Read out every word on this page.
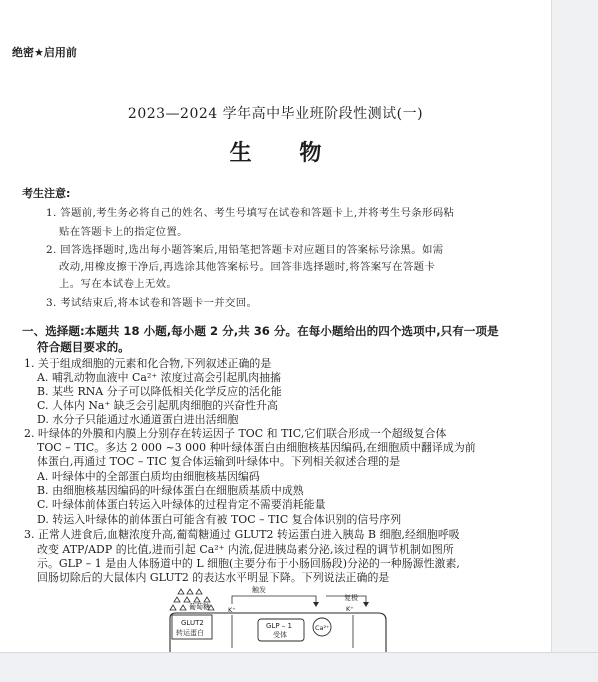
绝密★启用前
2023—2024 学年高中毕业班阶段性测试(一)
生 物
考生注意:
1. 答题前,考生务必将自己的姓名、考生号填写在试卷和答题卡上,并将考生号条形码粘
贴在答题卡上的指定位置。
2. 回答选择题时,选出每小题答案后,用铅笔把答题卡对应题目的答案标号涂黑。如需
改动,用橡皮擦干净后,再选涂其他答案标号。回答非选择题时,将答案写在答题卡
上。写在本试卷上无效。
3. 考试结束后,将本试卷和答题卡一并交回。
一、选择题:本题共 18 小题,每小题 2 分,共 36 分。在每小题给出的四个选项中,只有一项是
符合题目要求的。
1. 关于组成细胞的元素和化合物,下列叙述正确的是
A. 哺乳动物血液中 Ca²⁺ 浓度过高会引起肌肉抽搐
B. 某些 RNA 分子可以降低相关化学反应的活化能
C. 人体内 Na⁺ 缺乏会引起肌肉细胞的兴奋性升高
D. 水分子只能通过水通道蛋白进出活细胞
2. 叶绿体的外膜和内膜上分别存在转运因子 TOC 和 TIC,它们联合形成一个超级复合体
TOC – TIC。多达 2 000 ~3 000 种叶绿体蛋白由细胞核基因编码,在细胞质中翻译成为前
体蛋白,再通过 TOC – TIC 复合体运输到叶绿体中。下列相关叙述合理的是
A. 叶绿体中的全部蛋白质均由细胞核基因编码
B. 由细胞核基因编码的叶绿体蛋白在细胞质基质中成熟
C. 叶绿体前体蛋白转运入叶绿体的过程肯定不需要消耗能量
D. 转运入叶绿体的前体蛋白可能含有被 TOC – TIC 复合体识别的信号序列
3. 正常人进食后,血糖浓度升高,葡萄糖通过 GLUT2 转运蛋白进入胰岛 B 细胞,经细胞呼吸
改变 ATP/ADP 的比值,进而引起 Ca²⁺ 内流,促进胰岛素分泌,该过程的调节机制如图所
示。GLP – 1 是由人体肠道中的 L 细胞(主要分布于小肠回肠段)分泌的一种肠源性激素,
回肠切除后的大鼠体内 GLUT2 的表达水平明显下降。下列说法正确的是
葡萄糖
GLUT2
转运蛋白
K⁺
触发
GLP – 1
受体
Ca²⁺
复极
K⁺
